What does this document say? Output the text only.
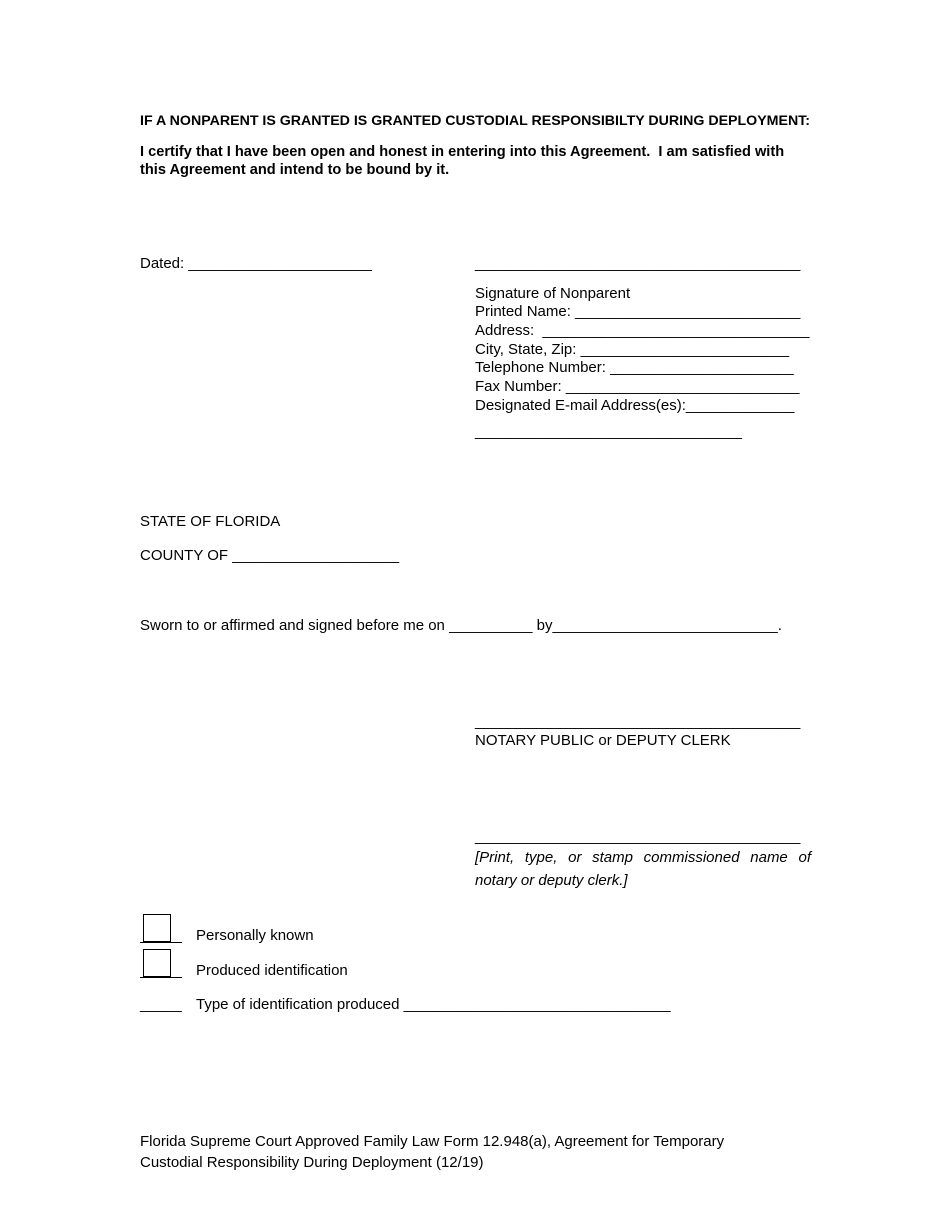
IF A NONPARENT IS GRANTED IS GRANTED CUSTODIAL RESPONSIBILTY DURING DEPLOYMENT:
I certify that I have been open and honest in entering into this Agreement.  I am satisfied with
this Agreement and intend to be bound by it.
Dated: ______________________	_______________________________________
Signature of Nonparent
Printed Name: ___________________________
Address:  ________________________________
City, State, Zip: _________________________
Telephone Number: ______________________
Fax Number: ____________________________
Designated E-mail Address(es):_____________
________________________________
STATE OF FLORIDA
COUNTY OF ____________________
Sworn to or affirmed and signed before me on __________ by___________________________.
_______________________________________
NOTARY PUBLIC or DEPUTY CLERK
_______________________________________
[Print, type, or stamp commissioned name of notary or deputy clerk.]
Personally known
Produced identification
_____ Type of identification produced ________________________________
Florida Supreme Court Approved Family Law Form 12.948(a), Agreement for Temporary
Custodial Responsibility During Deployment (12/19)
